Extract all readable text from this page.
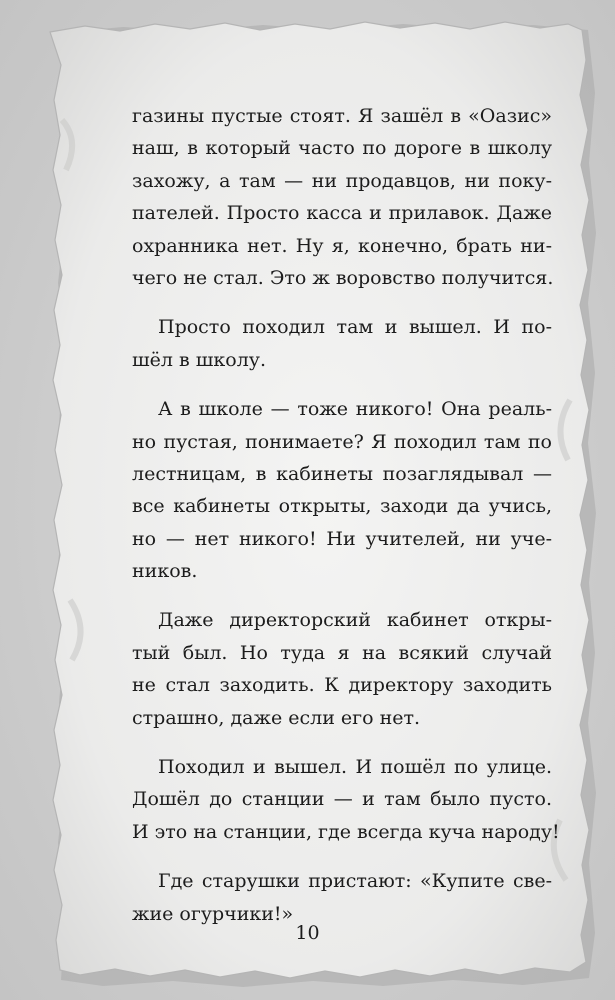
газины пустые стоят. Я зашёл в «Оазис»
наш, в который часто по дороге в школу
захожу, а там — ни продавцов, ни поку-
пателей. Просто касса и прилавок. Даже
охранника нет. Ну я, конечно, брать ни-
чего не стал. Это ж воровство получится.
Просто походил там и вышел. И по-
шёл в школу.
А в школе — тоже никого! Она реаль-
но пустая, понимаете? Я походил там по
лестницам, в кабинеты позаглядывал —
все кабинеты открыты, заходи да учись,
но — нет никого! Ни учителей, ни уче-
ников.
Даже директорский кабинет откры-
тый был. Но туда я на всякий случай
не стал заходить. К директору заходить
страшно, даже если его нет.
Походил и вышел. И пошёл по улице.
Дошёл до станции — и там было пусто.
И это на станции, где всегда куча народу!
Где старушки пристают: «Купите све-
жие огурчики!»
10
